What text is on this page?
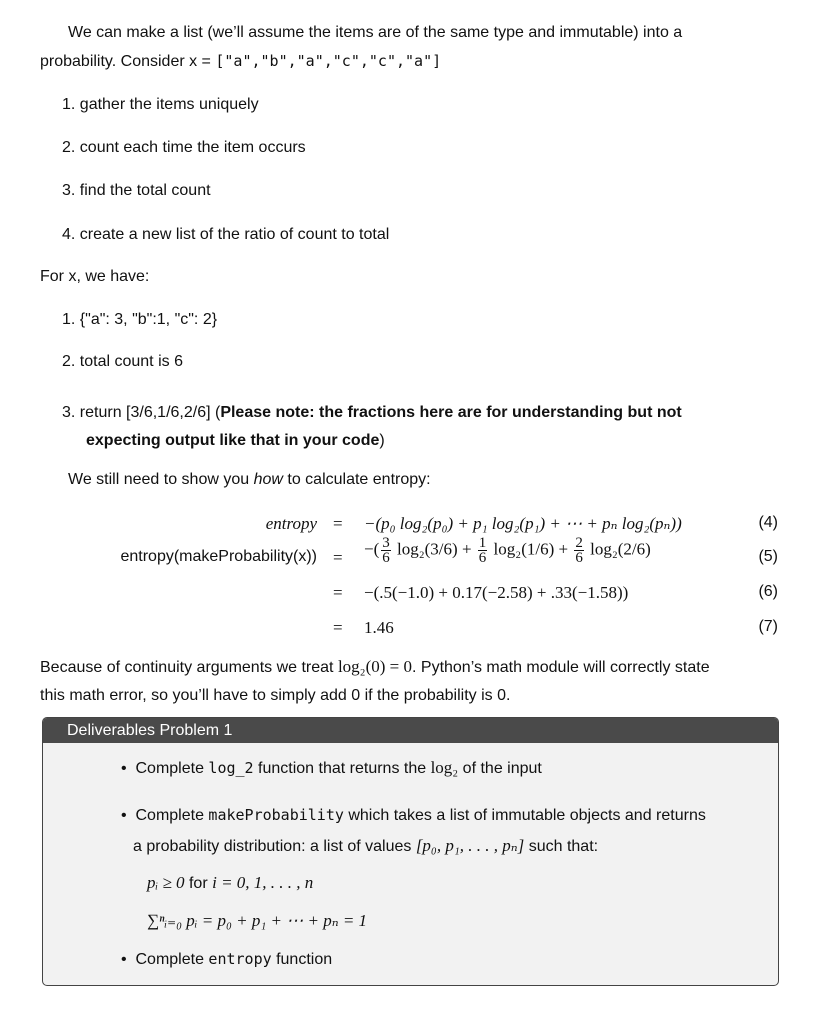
We can make a list (we’ll assume the items are of the same type and immutable) into a
probability. Consider x = ["a","b","a","c","c","a"]
1. gather the items uniquely
2. count each time the item occurs
3. find the total count
4. create a new list of the ratio of count to total
For x, we have:
1. {"a": 3, "b":1, "c": 2}
2. total count is 6
3. return [3/6,1/6,2/6] (Please note: the fractions here are for understanding but not
expecting output like that in your code)
We still need to show you how to calculate entropy:
entropy = −(p₀ log₂(p₀) + p₁ log₂(p₁) + ⋯ + pₙ log₂(pₙ))	(4)
entropy(makeProbability(x)) = −( $\frac{3}{6} \log_2(3/6) + \frac{1}{6} \log_2(1/6) + \frac{2}{6} \log_2(2/6)$	(5)
= −(.5(−1.0) + 0.17(−2.58) + .33(−1.58))	(6)
= 1.46	(7)
Because of continuity arguments we treat log₂(0) = 0. Python’s math module will correctly state
this math error, so you’ll have to simply add 0 if the probability is 0.
Deliverables Problem 1
• Complete log_2 function that returns the log₂ of the input
• Complete makeProbability which takes a list of immutable objects and returns
a probability distribution: a list of values [p₀, p₁, . . . , pₙ] such that:
pᵢ ≥ 0 for i = 0, 1, . . . , n
∑ⁿᵢ₌₀ pᵢ = p₀ + p₁ + ⋯ + pₙ = 1
• Complete entropy function
